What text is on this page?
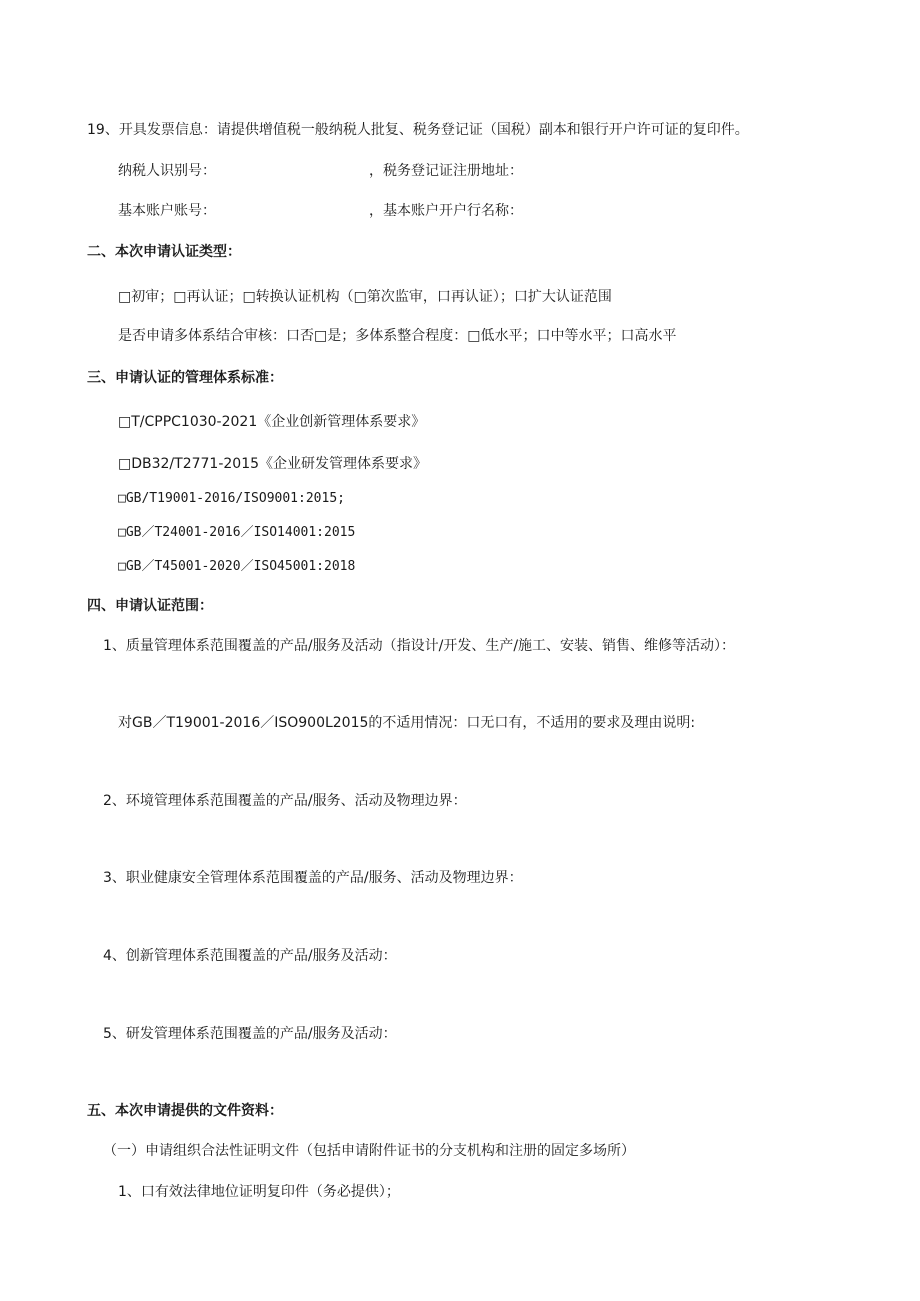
19、开具发票信息：请提供增值税一般纳税人批复、税务登记证（国税）副本和银行开户许可证的复印件。
纳税人识别号：	，税务登记证注册地址：
基本账户账号：	，基本账户开户行名称：
二、本次申请认证类型：
□初审；□再认证；□转换认证机构（□第次监审，口再认证）；口扩大认证范围
是否申请多体系结合审核：口否□是；多体系整合程度：□低水平；口中等水平；口高水平
三、申请认证的管理体系标准：
□T/CPPC1030-2021《企业创新管理体系要求》
□DB32/T2771-2015《企业研发管理体系要求》
□GB/T19001-2016/ISO9001:2015;
□GB／T24001-2016／ISO14001:2015
□GB／T45001-2020／ISO45001:2018
四、申请认证范围：
1、质量管理体系范围覆盖的产品/服务及活动（指设计/开发、生产/施工、安装、销售、维修等活动）：
对GB／T19001-2016／ISO900L2015的不适用情况：口无口有，不适用的要求及理由说明:
2、环境管理体系范围覆盖的产品/服务、活动及物理边界：
3、职业健康安全管理体系范围覆盖的产品/服务、活动及物理边界：
4、创新管理体系范围覆盖的产品/服务及活动：
5、研发管理体系范围覆盖的产品/服务及活动：
五、本次申请提供的文件资料：
（一）申请组织合法性证明文件（包括申请附件证书的分支机构和注册的固定多场所）
1、口有效法律地位证明复印件（务必提供）；
